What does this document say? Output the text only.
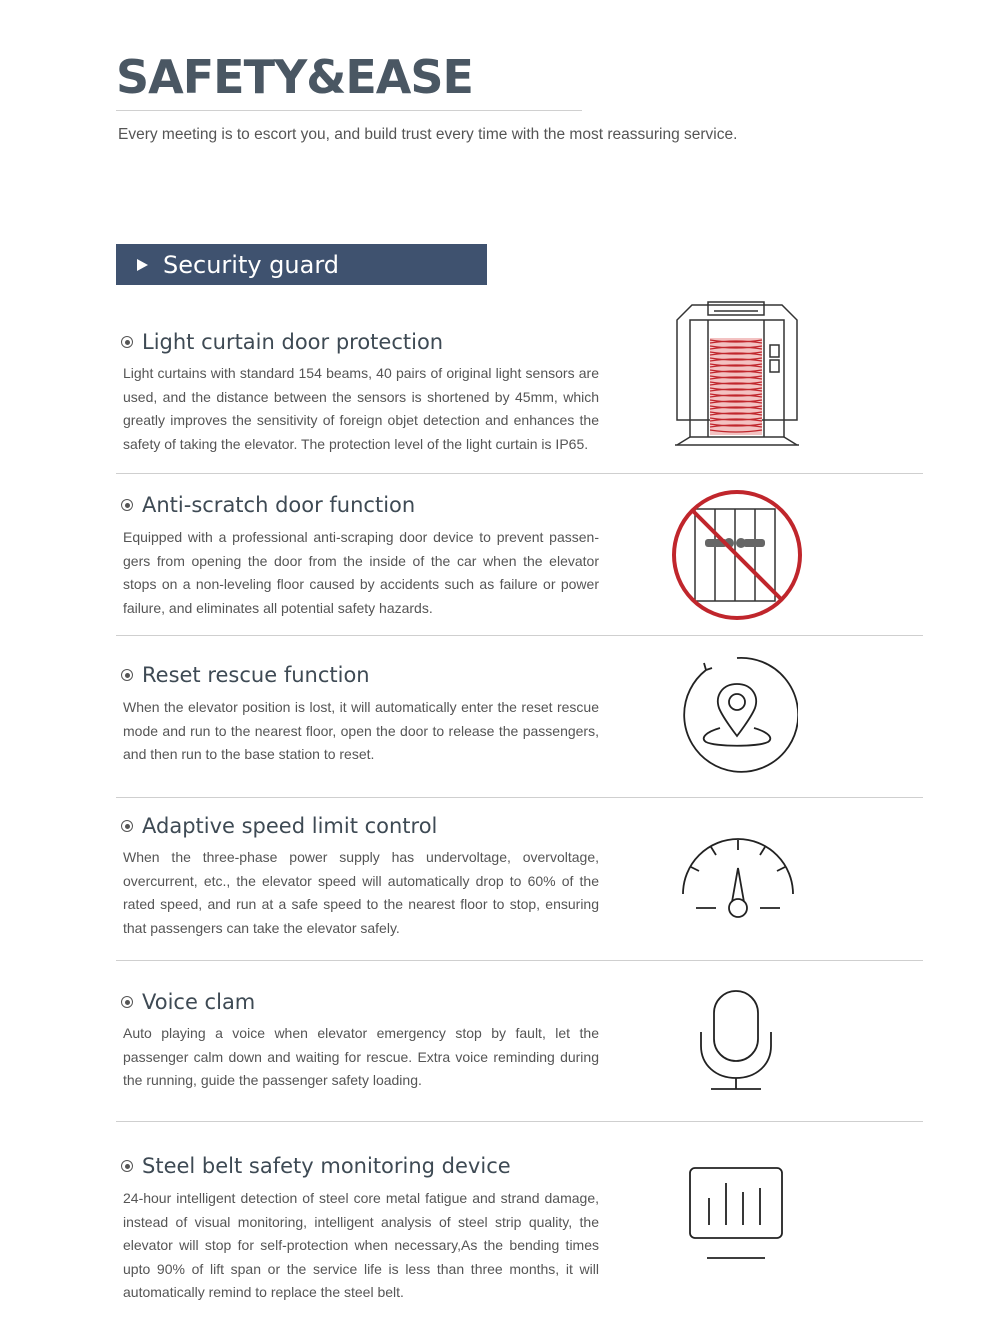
SAFETY&EASE
Every meeting is to escort you, and build trust every time with the most reassuring service.
Security guard
Light curtain door protection

Light curtains with standard 154 beams, 40 pairs of original light sensors are used, and the distance between the sensors is shortened by 45mm, which greatly improves the sensitivity of foreign objet detection and enhances the safety of taking the elevator. The protection level of the light curtain is IP65.

Anti-scratch door function

Equipped with a professional anti-scraping door device to prevent passen-gers from opening the door from the inside of the car when the elevator stops on a non-leveling floor caused by accidents such as failure or power failure, and eliminates all potential safety hazards.

Reset rescue function

When the elevator position is lost, it will automatically enter the reset rescue mode and run to the nearest floor, open the door to release the passengers, and then run to the base station to reset.

Adaptive speed limit control

When the three-phase power supply has undervoltage, overvoltage, overcurrent, etc., the elevator speed will automatically drop to 60% of the rated speed, and run at a safe speed to the nearest floor to stop, ensuring that passengers can take the elevator safely.

Voice clam

Auto playing a voice when elevator emergency stop by fault, let the passenger calm down and waiting for rescue. Extra voice reminding during the running, guide the passenger safety loading.

Steel belt safety monitoring device

24-hour intelligent detection of steel core metal fatigue and strand damage, instead of visual monitoring, intelligent analysis of steel strip quality, the elevator will stop for self-protection when necessary,As the bending times upto 90% of lift span or the service life is less than three months, it will automatically remind to replace the steel belt.
